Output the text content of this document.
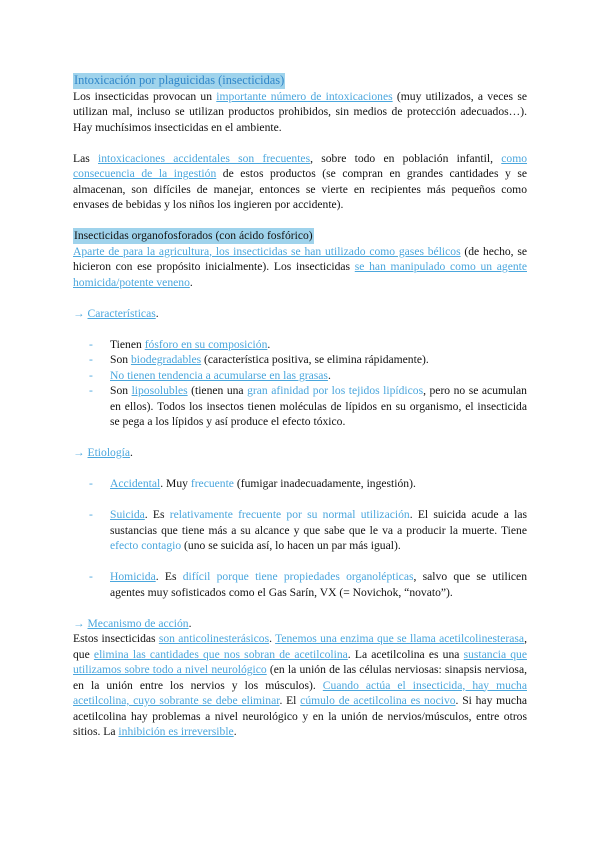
Intoxicación por plaguicidas (insecticidas)

Los insecticidas provocan un importante número de intoxicaciones (muy utilizados, a veces se utilizan mal, incluso se utilizan productos prohibidos, sin medios de protección adecuados…). Hay muchísimos insecticidas en el ambiente.

Las intoxicaciones accidentales son frecuentes, sobre todo en población infantil, como consecuencia de la ingestión de estos productos (se compran en grandes cantidades y se almacenan, son difíciles de manejar, entonces se vierte en recipientes más pequeños como envases de bebidas y los niños los ingieren por accidente).

Insecticidas organofosforados (con ácido fosfórico)

Aparte de para la agricultura, los insecticidas se han utilizado como gases bélicos (de hecho, se hicieron con ese propósito inicialmente). Los insecticidas se han manipulado como un agente homicida/potente veneno.

→ Características.

- Tienen fósforo en su composición.
- Son biodegradables (característica positiva, se elimina rápidamente).
- No tienen tendencia a acumularse en las grasas.
- Son liposolubles (tienen una gran afinidad por los tejidos lipídicos, pero no se acumulan en ellos). Todos los insectos tienen moléculas de lípidos en su organismo, el insecticida se pega a los lípidos y así produce el efecto tóxico.

→ Etiología.

- Accidental. Muy frecuente (fumigar inadecuadamente, ingestión).
- Suicida. Es relativamente frecuente por su normal utilización. El suicida acude a las sustancias que tiene más a su alcance y que sabe que le va a producir la muerte. Tiene efecto contagio (uno se suicida así, lo hacen un par más igual).
- Homicida. Es difícil porque tiene propiedades organolépticas, salvo que se utilicen agentes muy sofisticados como el Gas Sarín, VX (= Novichok, “novato”).

→ Mecanismo de acción.

Estos insecticidas son anticolinesterásicos. Tenemos una enzima que se llama acetilcolinesterasa, que elimina las cantidades que nos sobran de acetilcolina. La acetilcolina es una sustancia que utilizamos sobre todo a nivel neurológico (en la unión de las células nerviosas: sinapsis nerviosa, en la unión entre los nervios y los músculos). Cuando actúa el insecticida, hay mucha acetilcolina, cuyo sobrante se debe eliminar. El cúmulo de acetilcolina es nocivo. Si hay mucha acetilcolina hay problemas a nivel neurológico y en la unión de nervios/músculos, entre otros sitios. La inhibición es irreversible.
